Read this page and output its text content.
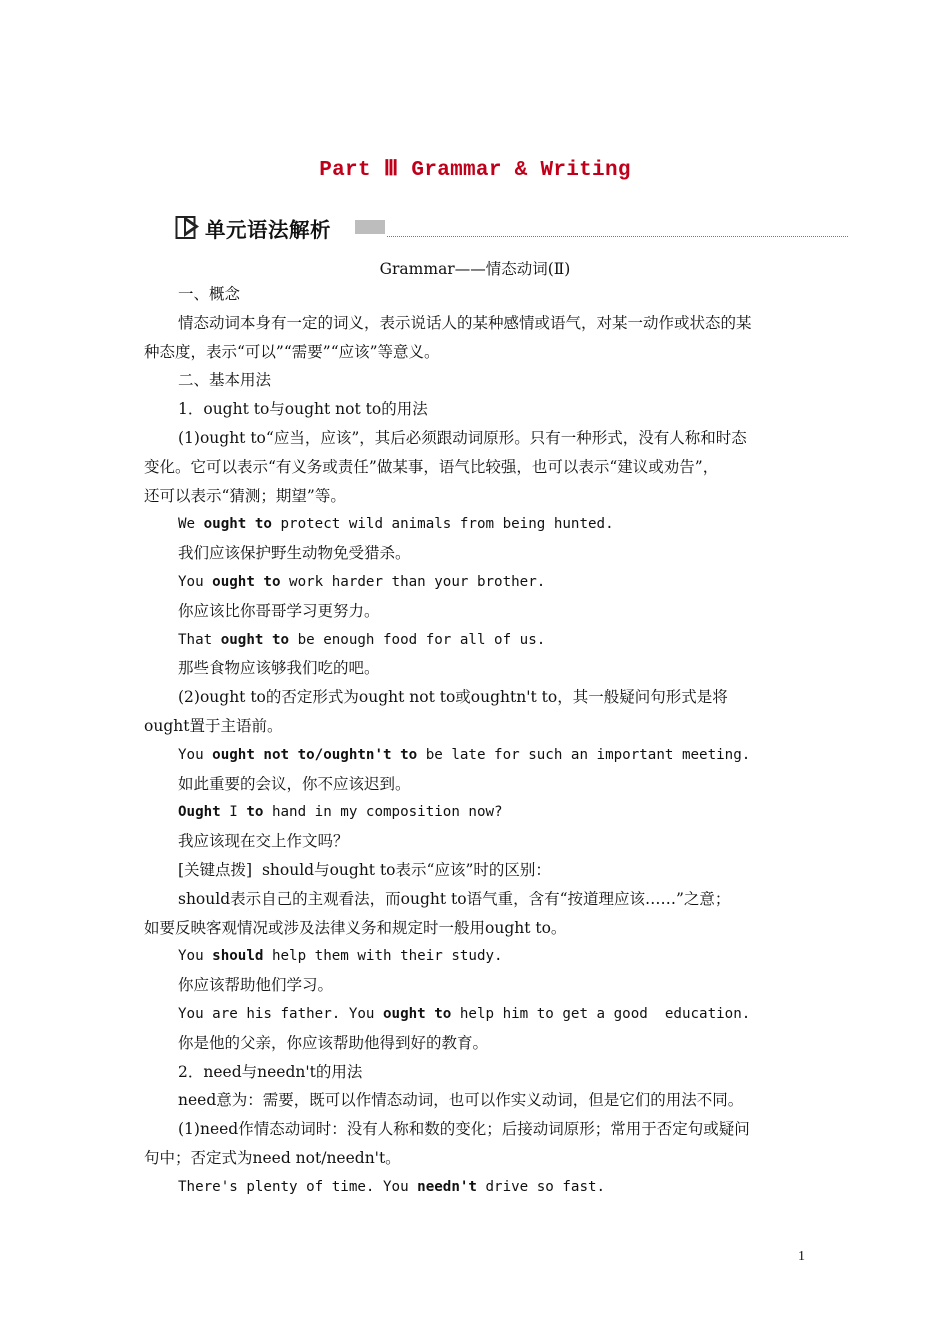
Part Ⅲ Grammar & Writing
单元语法解析
Grammar——情态动词(Ⅱ)
一、概念
情态动词本身有一定的词义，表示说话人的某种感情或语气，对某一动作或状态的某
种态度，表示“可以”“需要”“应该”等意义。
二、基本用法
1．ought to与ought not to的用法
(1)ought to“应当，应该”，其后必须跟动词原形。只有一种形式，没有人称和时态
变化。它可以表示“有义务或责任”做某事，语气比较强，也可以表示“建议或劝告”，
还可以表示“猜测；期望”等。
We ought to protect wild animals from being hunted.
我们应该保护野生动物免受猎杀。
You ought to work harder than your brother.
你应该比你哥哥学习更努力。
That ought to be enough food for all of us.
那些食物应该够我们吃的吧。
(2)ought to的否定形式为ought not to或oughtn't to，其一般疑问句形式是将
ought置于主语前。
You ought not to/oughtn't to be late for such an important meeting.
如此重要的会议，你不应该迟到。
Ought I to hand in my composition now?
我应该现在交上作文吗？
[关键点拨]  should与ought to表示“应该”时的区别：
should表示自己的主观看法，而ought to语气重，含有“按道理应该……”之意；
如要反映客观情况或涉及法律义务和规定时一般用ought to。
You should help them with their study.
你应该帮助他们学习。
You are his father. You ought to help him to get a good  education.
你是他的父亲，你应该帮助他得到好的教育。
2．need与needn't的用法
need意为：需要，既可以作情态动词，也可以作实义动词，但是它们的用法不同。
(1)need作情态动词时：没有人称和数的变化；后接动词原形；常用于否定句或疑问
句中；否定式为need not/needn't。
There's plenty of time. You needn't drive so fast.
1
